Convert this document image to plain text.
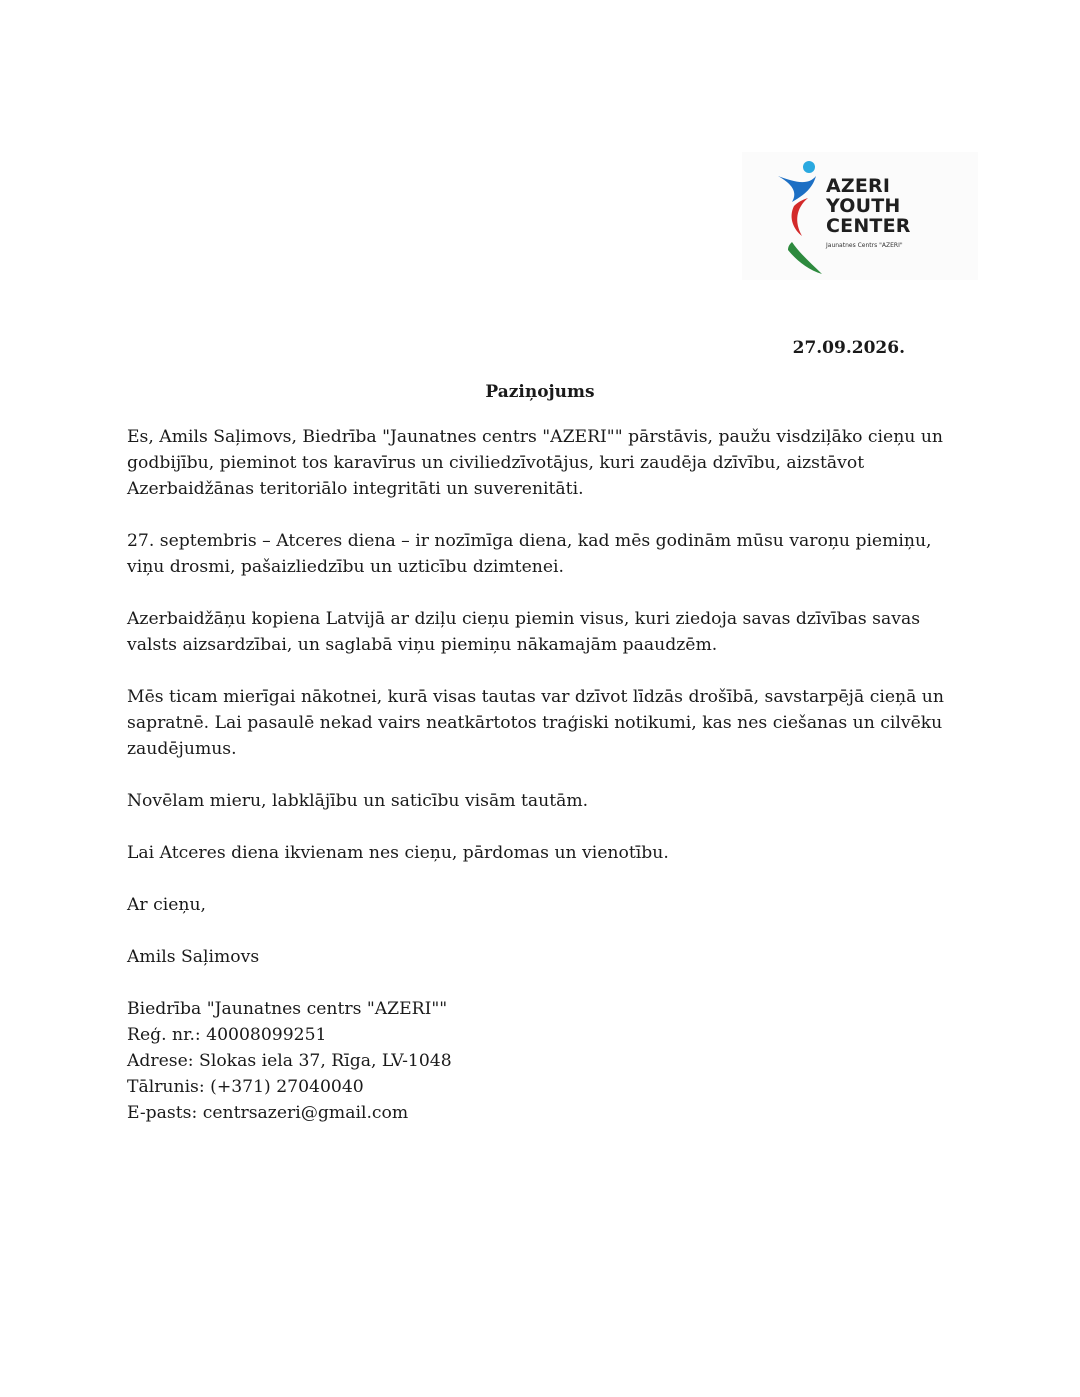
AZERI
YOUTH
CENTER
Jaunatnes Centrs "AZERI"
27.09.2026.
Paziņojums

Es, Amils Saļimovs, Biedrība "Jaunatnes centrs "AZERI"" pārstāvis, paužu visdziļāko cieņu un godbijību, pieminot tos karavīrus un civiliedzīvotājus, kuri zaudēja dzīvību, aizstāvot Azerbaidžānas teritoriālo integritāti un suverenitāti.

27. septembris – Atceres diena – ir nozīmīga diena, kad mēs godinām mūsu varoņu piemiņu, viņu drosmi, pašaizliedzību un uzticību dzimtenei.

Azerbaidžāņu kopiena Latvijā ar dziļu cieņu piemin visus, kuri ziedoja savas dzīvības savas valsts aizsardzībai, un saglabā viņu piemiņu nākamajām paaudzēm.

Mēs ticam mierīgai nākotnei, kurā visas tautas var dzīvot līdzās drošībā, savstarpējā cieņā un sapratnē. Lai pasaulē nekad vairs neatkārtotos traģiski notikumi, kas nes ciešanas un cilvēku zaudējumus.

Novēlam mieru, labklājību un saticību visām tautām.

Lai Atceres diena ikvienam nes cieņu, pārdomas un vienotību.

Ar cieņu,

Amils Saļimovs

Biedrība "Jaunatnes centrs "AZERI""
Reģ. nr.: 40008099251
Adrese: Slokas iela 37, Rīga, LV-1048
Tālrunis: (+371) 27040040
E-pasts: centrsazeri@gmail.com
